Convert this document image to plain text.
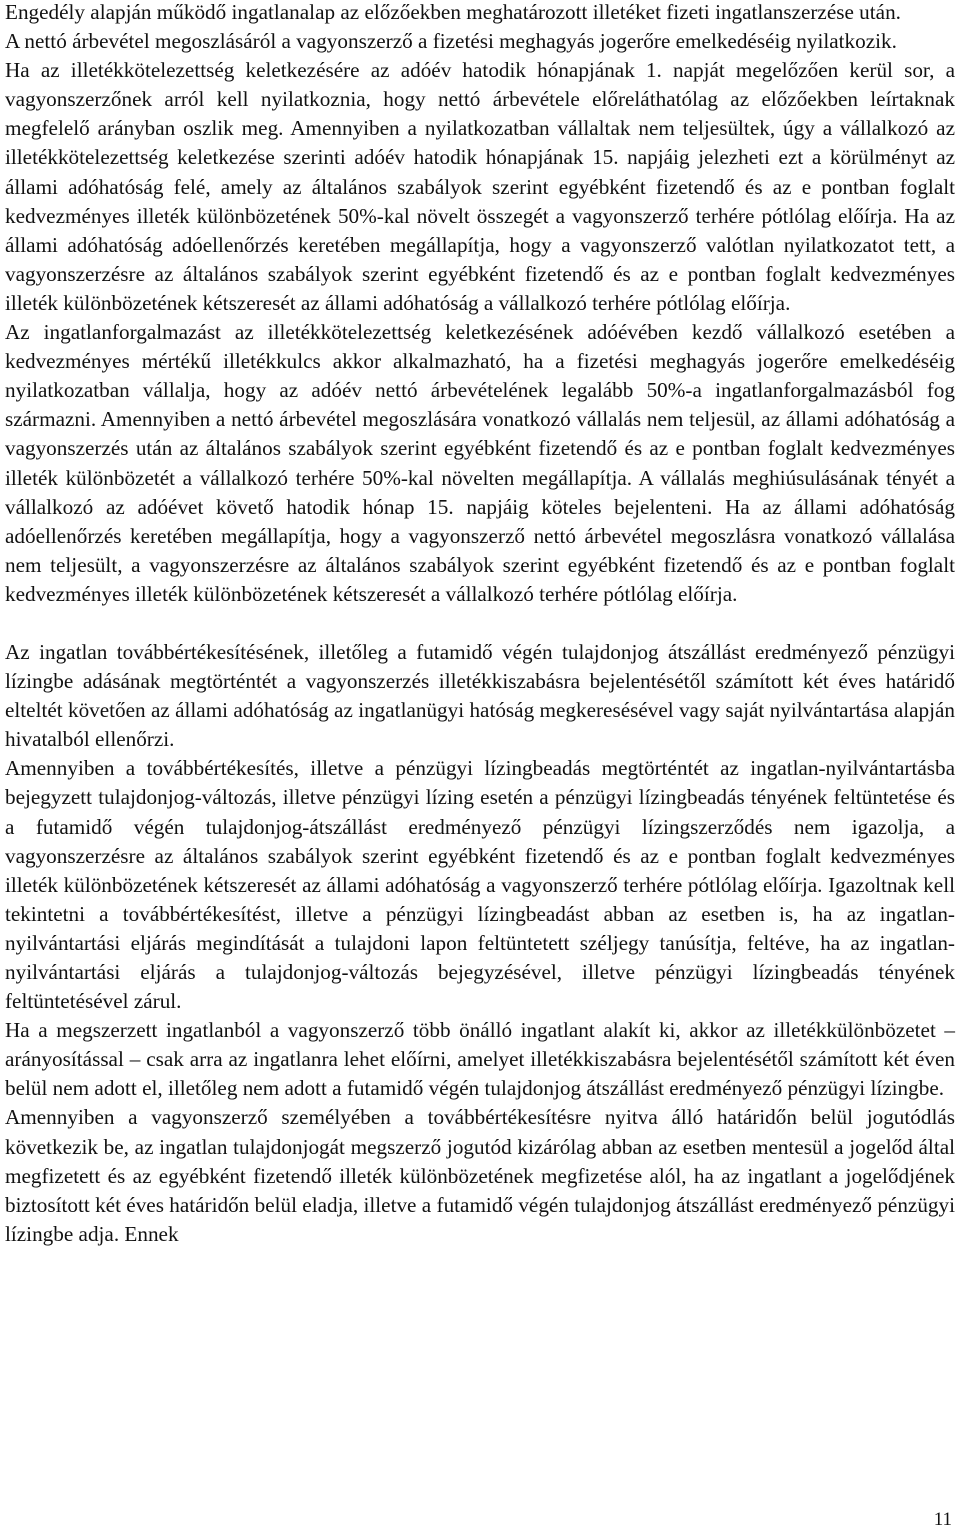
Engedély alapján működő ingatlanalap az előzőekben meghatározott illetéket fizeti ingatlanszerzése után.

A nettó árbevétel megoszlásáról a vagyonszerző a fizetési meghagyás jogerőre emelkedéséig nyilatkozik.

Ha az illetékkötelezettség keletkezésére az adóév hatodik hónapjának 1. napját megelőzően kerül sor, a vagyonszerzőnek arról kell nyilatkoznia, hogy nettó árbevétele előreláthatólag az előzőekben leírtaknak megfelelő arányban oszlik meg. Amennyiben a nyilatkozatban vállaltak nem teljesültek, úgy a vállalkozó az illetékkötelezettség keletkezése szerinti adóév hatodik hónapjának 15. napjáig jelezheti ezt a körülményt az állami adóhatóság felé, amely az általános szabályok szerint egyébként fizetendő és az e pontban foglalt kedvezményes illeték különbözetének 50%-kal növelt összegét a vagyonszerző terhére pótlólag előírja. Ha az állami adóhatóság adóellenőrzés keretében megállapítja, hogy a vagyonszerző valótlan nyilatkozatot tett, a vagyonszerzésre az általános szabályok szerint egyébként fizetendő és az e pontban foglalt kedvezményes illeték különbözetének kétszeresét az állami adóhatóság a vállalkozó terhére pótlólag előírja.

Az ingatlanforgalmazást az illetékkötelezettség keletkezésének adóévében kezdő vállalkozó esetében a kedvezményes mértékű illetékkulcs akkor alkalmazható, ha a fizetési meghagyás jogerőre emelkedéséig nyilatkozatban vállalja, hogy az adóév nettó árbevételének legalább 50%-a ingatlanforgalmazásból fog származni. Amennyiben a nettó árbevétel megoszlására vonatkozó vállalás nem teljesül, az állami adóhatóság a vagyonszerzés után az általános szabályok szerint egyébként fizetendő és az e pontban foglalt kedvezményes illeték különbözetét a vállalkozó terhére 50%-kal növelten megállapítja. A vállalás meghiúsulásának tényét a vállalkozó az adóévet követő hatodik hónap 15. napjáig köteles bejelenteni. Ha az állami adóhatóság adóellenőrzés keretében megállapítja, hogy a vagyonszerző nettó árbevétel megoszlásra vonatkozó vállalása nem teljesült, a vagyonszerzésre az általános szabályok szerint egyébként fizetendő és az e pontban foglalt kedvezményes illeték különbözetének kétszeresét a vállalkozó terhére pótlólag előírja.

Az ingatlan továbbértékesítésének, illetőleg a futamidő végén tulajdonjog átszállást eredményező pénzügyi lízingbe adásának megtörténtét a vagyonszerzés illetékkiszabásra bejelentésétől számított két éves határidő elteltét követően az állami adóhatóság az ingatlanügyi hatóság megkeresésével vagy saját nyilvántartása alapján hivatalból ellenőrzi.

Amennyiben a továbbértékesítés, illetve a pénzügyi lízingbeadás megtörténtét az ingatlan-nyilvántartásba bejegyzett tulajdonjog-változás, illetve pénzügyi lízing esetén a pénzügyi lízingbeadás tényének feltüntetése és a futamidő végén tulajdonjog-átszállást eredményező pénzügyi lízingszerződés nem igazolja, a vagyonszerzésre az általános szabályok szerint egyébként fizetendő és az e pontban foglalt kedvezményes illeték különbözetének kétszeresét az állami adóhatóság a vagyonszerző terhére pótlólag előírja. Igazoltnak kell tekintetni a továbbértékesítést, illetve a pénzügyi lízingbeadást abban az esetben is, ha az ingatlan-nyilvántartási eljárás megindítását a tulajdoni lapon feltüntetett széljegy tanúsítja, feltéve, ha az ingatlan-nyilvántartási eljárás a tulajdonjog-változás bejegyzésével, illetve pénzügyi lízingbeadás tényének feltüntetésével zárul.

Ha a megszerzett ingatlanból a vagyonszerző több önálló ingatlant alakít ki, akkor az illetékkülönbözetet – arányosítással – csak arra az ingatlanra lehet előírni, amelyet illetékkiszabásra bejelentésétől számított két éven belül nem adott el, illetőleg nem adott a futamidő végén tulajdonjog átszállást eredményező pénzügyi lízingbe.

Amennyiben a vagyonszerző személyében a továbbértékesítésre nyitva álló határidőn belül jogutódlás következik be, az ingatlan tulajdonjogát megszerző jogutód kizárólag abban az esetben mentesül a jogelőd által megfizetett és az egyébként fizetendő illeték különbözetének megfizetése alól, ha az ingatlant a jogelődjének biztosított két éves határidőn belül eladja, illetve a futamidő végén tulajdonjog átszállást eredményező pénzügyi lízingbe adja. Ennek

11
